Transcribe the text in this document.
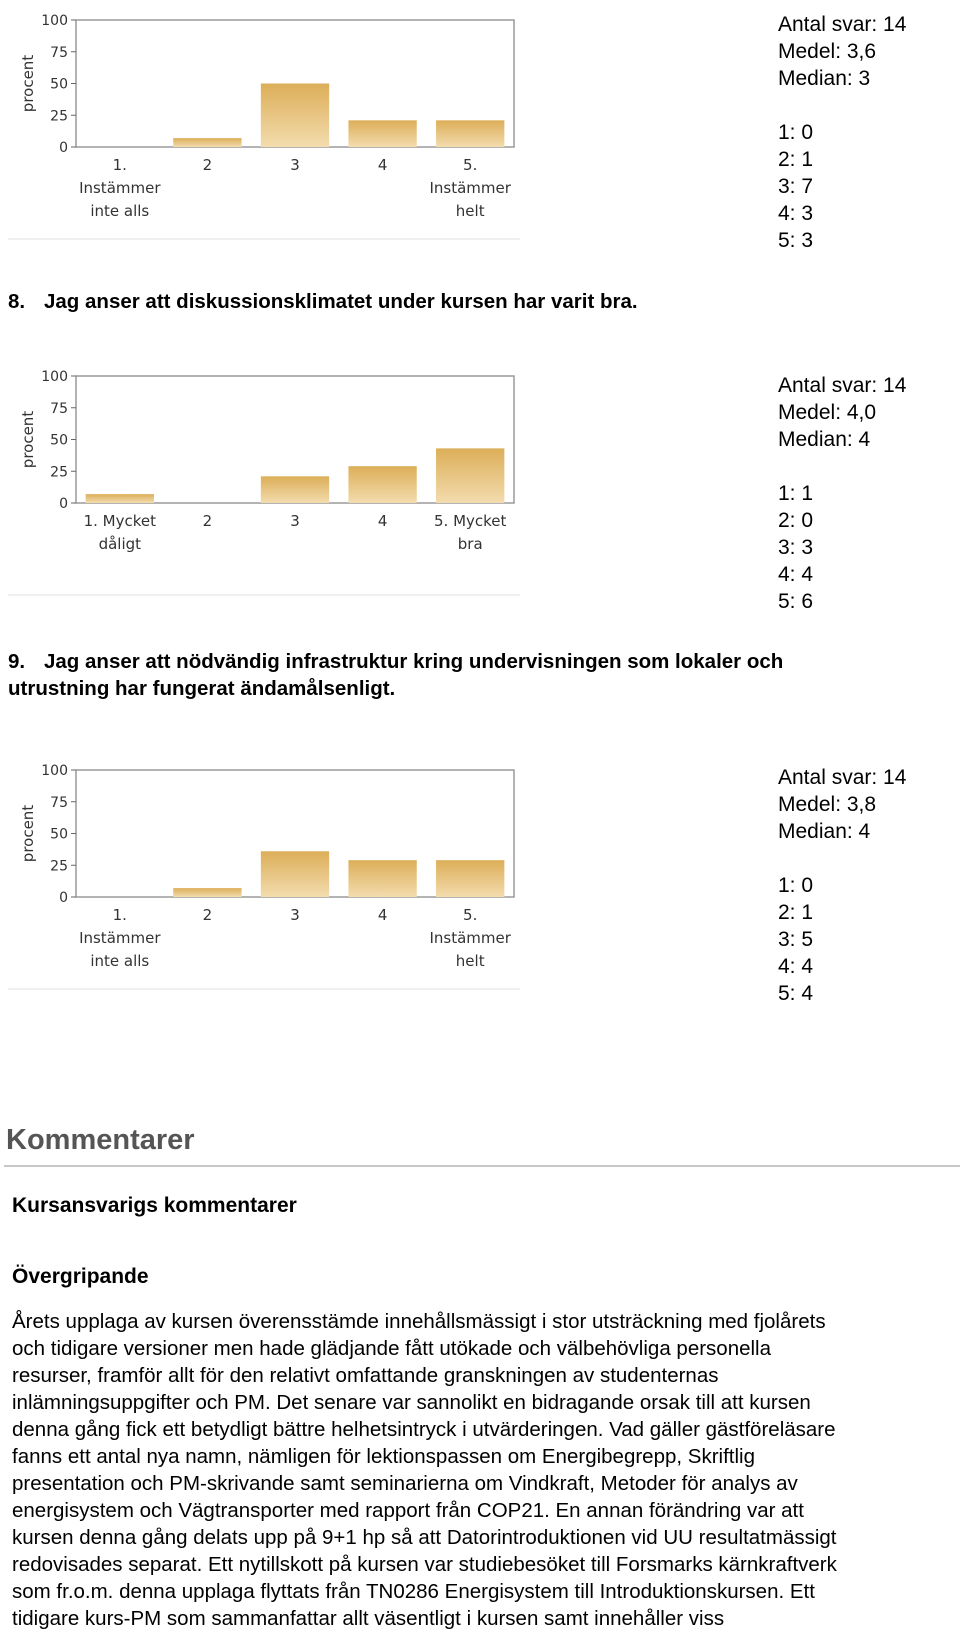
0
25
50
75
100
procent
1.
Instämmer
inte alls
2	3	4	5.
Instämmer
helt
Antal svar: 14
Medel: 3,6
Median: 3
1: 0
2: 1
3: 7
4: 3
5: 3
8. Jag anser att diskussionsklimatet under kursen har varit bra.
0
25
50
75
100
procent
1. Mycket
dåligt
2	3	4	5. Mycket
bra
Antal svar: 14
Medel: 4,0
Median: 4
1: 1
2: 0
3: 3
4: 4
5: 6
9. Jag anser att nödvändig infrastruktur kring undervisningen som lokaler och
utrustning har fungerat ändamålsenligt.
0
25
50
75
100
procent
1.
Instämmer
inte alls
2	3	4	5.
Instämmer
helt
Antal svar: 14
Medel: 3,8
Median: 4
1: 0
2: 1
3: 5
4: 4
5: 4
Kommentarer
Kursansvarigs kommentarer
Övergripande
Årets upplaga av kursen överensstämde innehållsmässigt i stor utsträckning med fjolårets
och tidigare versioner men hade glädjande fått utökade och välbehövliga personella
resurser, framför allt för den relativt omfattande granskningen av studenternas
inlämningsuppgifter och PM. Det senare var sannolikt en bidragande orsak till att kursen
denna gång fick ett betydligt bättre helhetsintryck i utvärderingen. Vad gäller gästföreläsare
fanns ett antal nya namn, nämligen för lektionspassen om Energibegrepp, Skriftlig
presentation och PM-skrivande samt seminarierna om Vindkraft, Metoder för analys av
energisystem och Vägtransporter med rapport från COP21. En annan förändring var att
kursen denna gång delats upp på 9+1 hp så att Datorintroduktionen vid UU resultatmässigt
redovisades separat. Ett nytillskott på kursen var studiebesöket till Forsmarks kärnkraftverk
som fr.o.m. denna upplaga flyttats från TN0286 Energisystem till Introduktionskursen. Ett
tidigare kurs-PM som sammanfattar allt väsentligt i kursen samt innehåller viss
